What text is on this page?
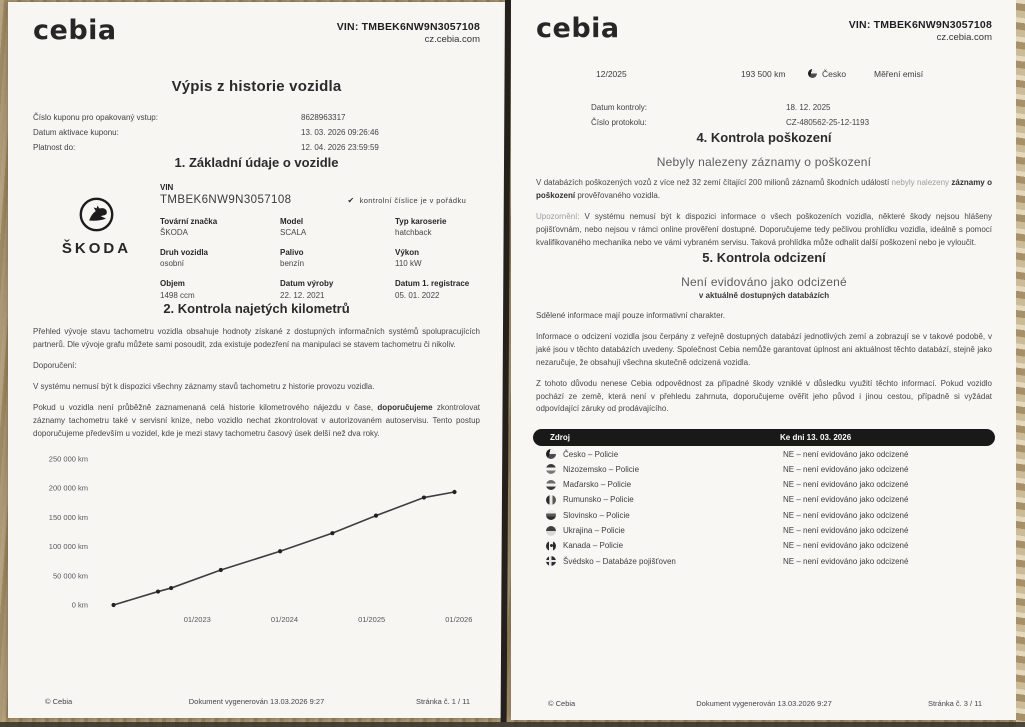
cebia	VIN: TMBEK6NW9N3057108
cz.cebia.com
Výpis z historie vozidla
Číslo kuponu pro opakovaný vstup:	8628963317
Datum aktivace kuponu:	13. 03. 2026 09:26:46
Platnost do:	12. 04. 2026 23:59:59
1. Základní údaje o vozidle
ŠKODA
VIN
TMBEK6NW9N3057108	✔ kontrolní číslice je v pořádku
Tovární značka
ŠKODA
Model
SCALA
Typ karoserie
hatchback
Druh vozidla
osobní
Palivo
benzín
Výkon
110 kW
Objem
1498 ccm
Datum výroby
22. 12. 2021
Datum 1. registrace
05. 01. 2022
2. Kontrola najetých kilometrů

Přehled vývoje stavu tachometru vozidla obsahuje hodnoty získané z dostupných informačních systémů spolupracujících partnerů. Dle vývoje grafu můžete sami posoudit, zda existuje podezření na manipulaci se stavem tachometru či nikoliv.

Doporučení:

V systému nemusí být k dispozici všechny záznamy stavů tachometru z historie provozu vozidla.

Pokud u vozidla není průběžně zaznamenaná celá historie kilometrového nájezdu v čase, doporučujeme zkontrolovat záznamy tachometru také v servisní knize, nebo vozidlo nechat zkontrolovat v autorizovaném autoservisu. Tento postup doporučujeme především u vozidel, kde je mezi stavy tachometru časový úsek delší než dva roky.

0 km
50 000 km
100 000 km
150 000 km
200 000 km
250 000 km
01/2023	01/2024	01/2025	01/2026
© Cebia	Dokument vygenerován 13.03.2026 9:27	Stránka č. 1 / 11
cebia	VIN: TMBEK6NW9N3057108
cz.cebia.com
12/2025	193 500 km	Česko	Měření emisí
Datum kontroly:	18. 12. 2025
Číslo protokolu:	CZ-480562-25-12-1193
4. Kontrola poškození
Nebyly nalezeny záznamy o poškození

V databázích poškozených vozů z více než 32 zemí čítající 200 milionů záznamů škodních událostí nebyly nalezeny záznamy o poškození prověřovaného vozidla.

Upozornění: V systému nemusí být k dispozici informace o všech poškozeních vozidla, některé škody nejsou hlášeny pojišťovnám, nebo nejsou v rámci online prověření dostupné. Doporučujeme tedy pečlivou prohlídku vozidla, ideálně s pomocí kvalifikovaného mechanika nebo ve vámi vybraném servisu. Taková prohlídka může odhalit další poškození nebo je vyloučit.

5. Kontrola odcizení
Není evidováno jako odcizené
v aktuálně dostupných databázích

Sdělené informace mají pouze informativní charakter.

Informace o odcizení vozidla jsou čerpány z veřejně dostupných databází jednotlivých zemí a zobrazují se v takové podobě, v jaké jsou v těchto databázích uvedeny. Společnost Cebia nemůže garantovat úplnost ani aktuálnost těchto databází, stejně jako nezaručuje, že obsahují všechna skutečně odcizená vozidla.

Z tohoto důvodu nenese Cebia odpovědnost za případné škody vzniklé v důsledku využití těchto informací. Pokud vozidlo pochází ze země, která není v přehledu zahrnuta, doporučujeme ověřit jeho původ i jinou cestou, případně si vyžádat odpovídající záruky od prodávajícího.

Zdroj	Ke dni 13. 03. 2026
Česko – Policie	NE – není evidováno jako odcizené
Nizozemsko – Policie	NE – není evidováno jako odcizené
Maďarsko – Policie	NE – není evidováno jako odcizené
Rumunsko – Policie	NE – není evidováno jako odcizené
Slovinsko – Policie	NE – není evidováno jako odcizené
Ukrajina – Policie	NE – není evidováno jako odcizené
Kanada – Policie	NE – není evidováno jako odcizené
Švédsko – Databáze pojišťoven	NE – není evidováno jako odcizené
© Cebia	Dokument vygenerován 13.03.2026 9:27	Stránka č. 3 / 11
